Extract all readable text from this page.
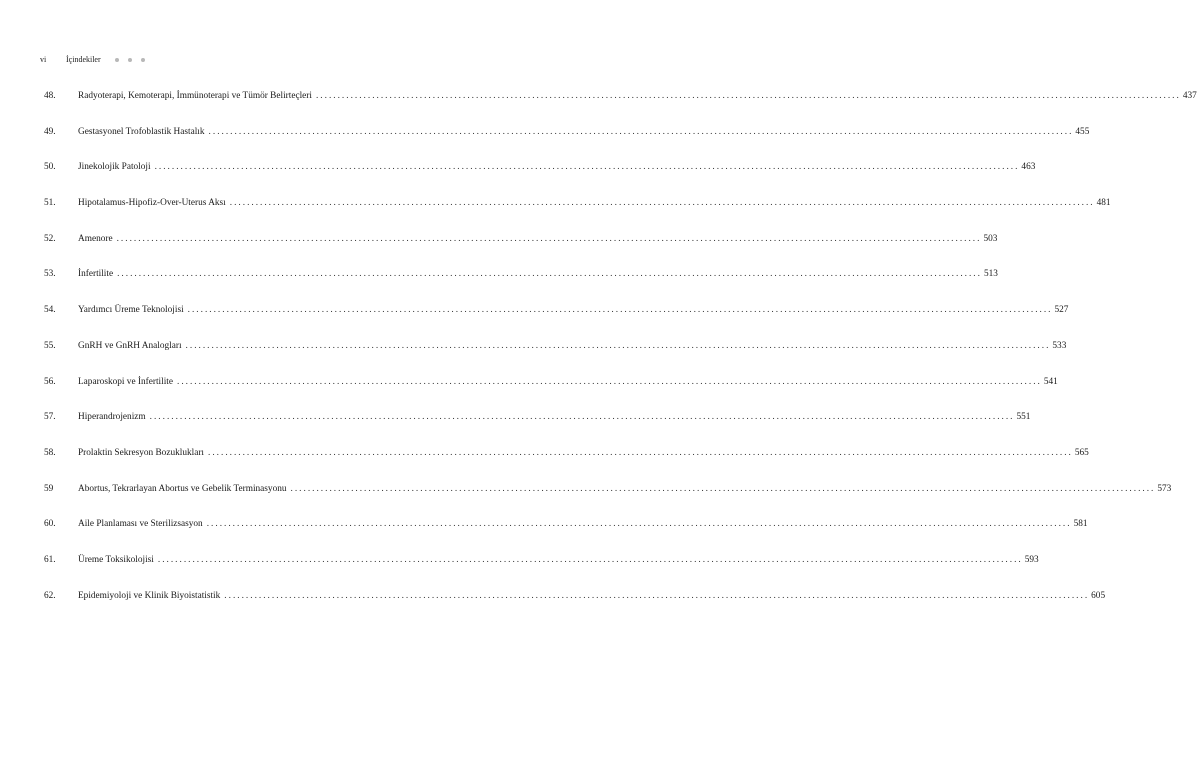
vi	İçindekiler
48.	Radyoterapi, Kemoterapi, İmmünoterapi ve Tümör Belirteçleri ........................................................................................................................................................................................................ 437
49.	Gestasyonel Trofoblastik Hastalık ........................................................................................................................................................................................................ 455
50.	Jinekolojik Patoloji ........................................................................................................................................................................................................ 463
51.	Hipotalamus-Hipofiz-Over-Uterus Aksı ........................................................................................................................................................................................................ 481
52.	Amenore ........................................................................................................................................................................................................ 503
53.	İnfertilite ........................................................................................................................................................................................................ 513
54.	Yardımcı Üreme Teknolojisi ........................................................................................................................................................................................................ 527
55.	GnRH ve GnRH Analogları ........................................................................................................................................................................................................ 533
56.	Laparoskopi ve İnfertilite ........................................................................................................................................................................................................ 541
57.	Hiperandrojenizm ........................................................................................................................................................................................................ 551
58.	Prolaktin Sekresyon Bozuklukları ........................................................................................................................................................................................................ 565
59	Abortus, Tekrarlayan Abortus ve Gebelik Terminasyonu ........................................................................................................................................................................................................ 573
60.	Aile Planlaması ve Sterilizsasyon ........................................................................................................................................................................................................ 581
61.	Üreme Toksikolojisi ........................................................................................................................................................................................................ 593
62.	Epidemiyoloji ve Klinik Biyoistatistik ........................................................................................................................................................................................................ 605
